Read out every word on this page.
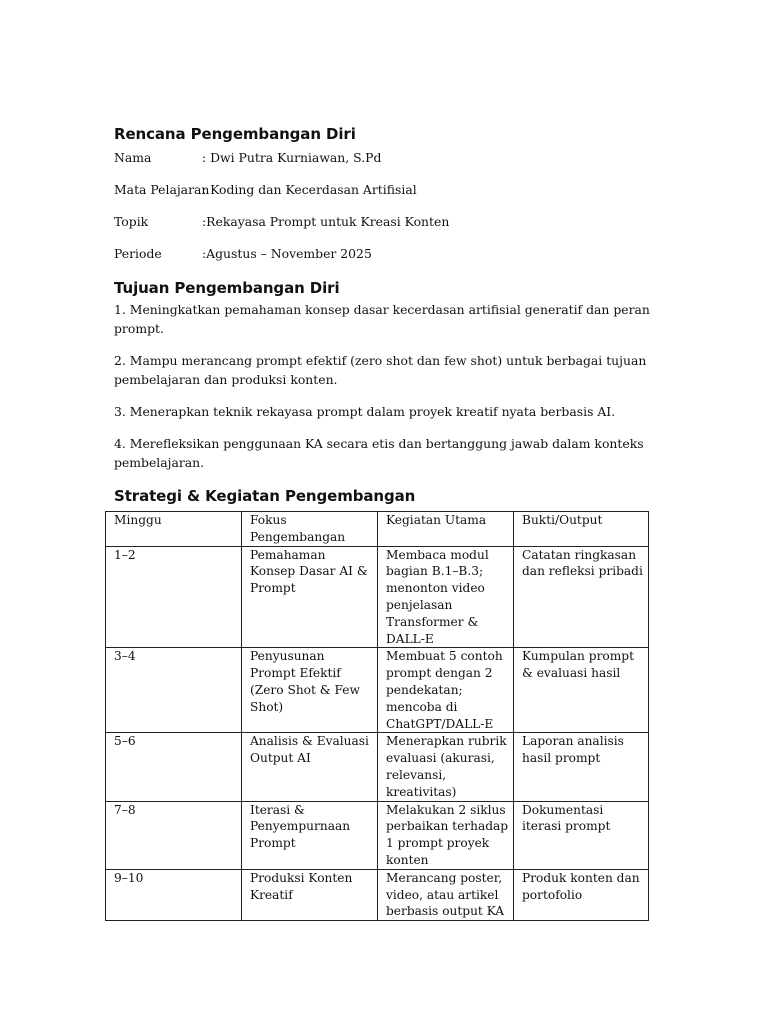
Rencana Pengembangan Diri
Nama	: Dwi Putra Kurniawan, S.Pd
Mata Pelajaran
: Koding dan Kecerdasan Artifisial
Topik	:Rekayasa Prompt untuk Kreasi Konten
Periode	:Agustus – November 2025
Tujuan Pengembangan Diri
1. Meningkatkan pemahaman konsep dasar kecerdasan artifisial generatif dan peran prompt.
2. Mampu merancang prompt efektif (zero shot dan few shot) untuk berbagai tujuan pembelajaran dan produksi konten.
3. Menerapkan teknik rekayasa prompt dalam proyek kreatif nyata berbasis AI.
4. Merefleksikan penggunaan KA secara etis dan bertanggung jawab dalam konteks pembelajaran.
Strategi & Kegiatan Pengembangan
Minggu	Fokus Pengembangan	Kegiatan Utama	Bukti/Output
1–2	Pemahaman Konsep Dasar AI & Prompt	Membaca modul bagian B.1–B.3; menonton video penjelasan Transformer & DALL-E	Catatan ringkasan dan refleksi pribadi
3–4	Penyusunan Prompt Efektif (Zero Shot & Few Shot)	Membuat 5 contoh prompt dengan 2 pendekatan; mencoba di ChatGPT/DALL-E	Kumpulan prompt & evaluasi hasil
5–6	Analisis & Evaluasi Output AI	Menerapkan rubrik evaluasi (akurasi, relevansi, kreativitas)	Laporan analisis hasil prompt
7–8	Iterasi & Penyempurnaan Prompt	Melakukan 2 siklus perbaikan terhadap 1 prompt proyek konten	Dokumentasi iterasi prompt
9–10	Produksi Konten Kreatif	Merancang poster, video, atau artikel berbasis output KA	Produk konten dan portofolio
